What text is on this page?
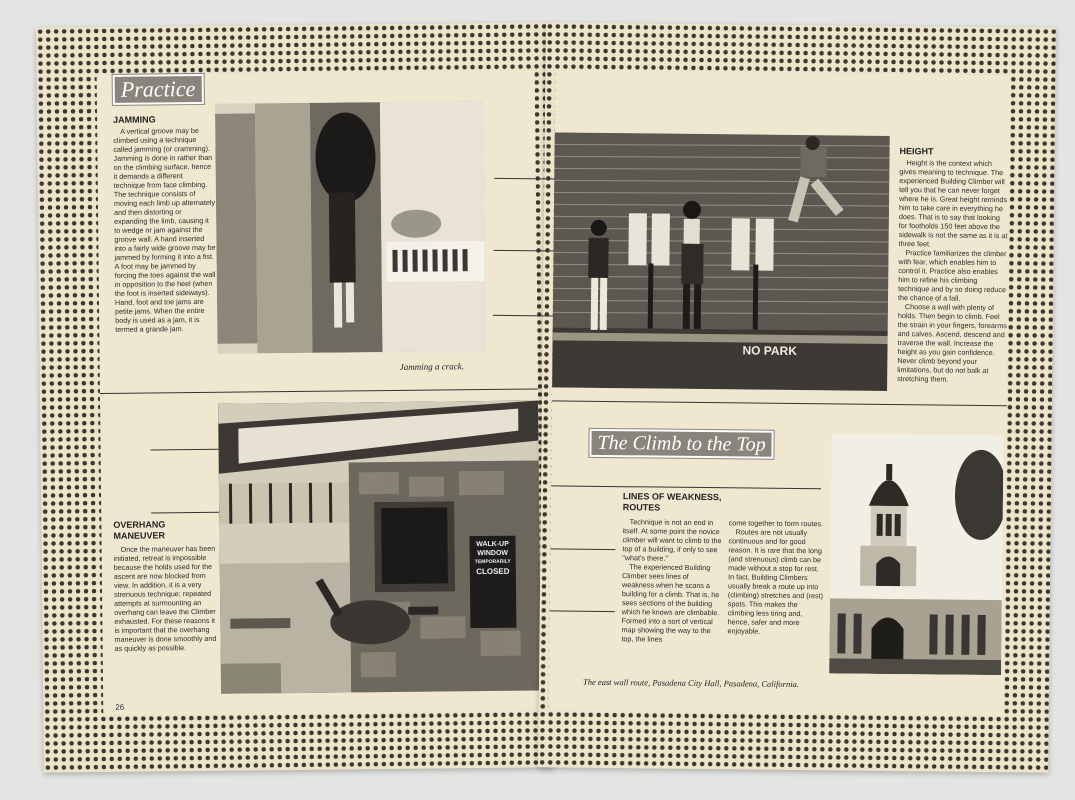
Practice
JAMMING

A vertical groove may be climbed using a technique called jamming (or cramming). Jamming is done in rather than on the climbing surface, hence it demands a different technique from face climbing. The technique consists of moving each limb up alternately and then distorting or expanding the limb, causing it to wedge or jam against the groove wall. A hand inserted into a fairly wide groove may be jammed by forming it into a fist. A foot may be jammed by forcing the toes against the wall in opposition to the heel (when the foot is inserted sideways). Hand, foot and toe jams are petite jams. When the entire body is used as a jam, it is termed a grande jam.

Jamming a crack.
WALK-UP
WINDOW
TEMPORARILY
CLOSED
OVERHANG
MANEUVER

Once the maneuver has been initiated, retreat is impossible because the holds used for the ascent are now blocked from view. In addition, it is a very strenuous technique; repeated attempts at surmounting an overhang can leave the Climber exhausted. For these reasons it is important that the overhang maneuver is done smoothly and as quickly as possible.

26
NO PARK
HEIGHT

Height is the context which gives meaning to technique. The experienced Building Climber will tell you that he can never forget where he is. Great height reminds him to take care in everything he does. That is to say that looking for footholds 150 feet above the sidewalk is not the same as it is at three feet.

Practice familiarizes the climber with fear, which enables him to control it. Practice also enables him to refine his climbing technique and by so doing reduce the chance of a fall.

Choose a wall with plenty of holds. Then begin to climb. Feel the strain in your fingers, forearms and calves. Ascend, descend and traverse the wall. Increase the height as you gain confidence. Never climb beyond your limitations, but do not balk at stretching them.

The Climb to the Top
LINES OF WEAKNESS,
ROUTES

Technique is not an end in itself. At some point the novice climber will want to climb to the top of a building, if only to see "what's there."

The experienced Building Climber sees lines of weakness when he scans a building for a climb. That is, he sees sections of the building which he knows are climbable. Formed into a sort of vertical map showing the way to the top, the lines

come together to form routes.

Routes are not usually continuous and for good reason. It is rare that the long (and strenuous) climb can be made without a stop for rest. In fact, Building Climbers usually break a route up into (climbing) stretches and (rest) spots. This makes the climbing less tiring and, hence, safer and more enjoyable.

The east wall route, Pasadena City Hall, Pasadena, California.
